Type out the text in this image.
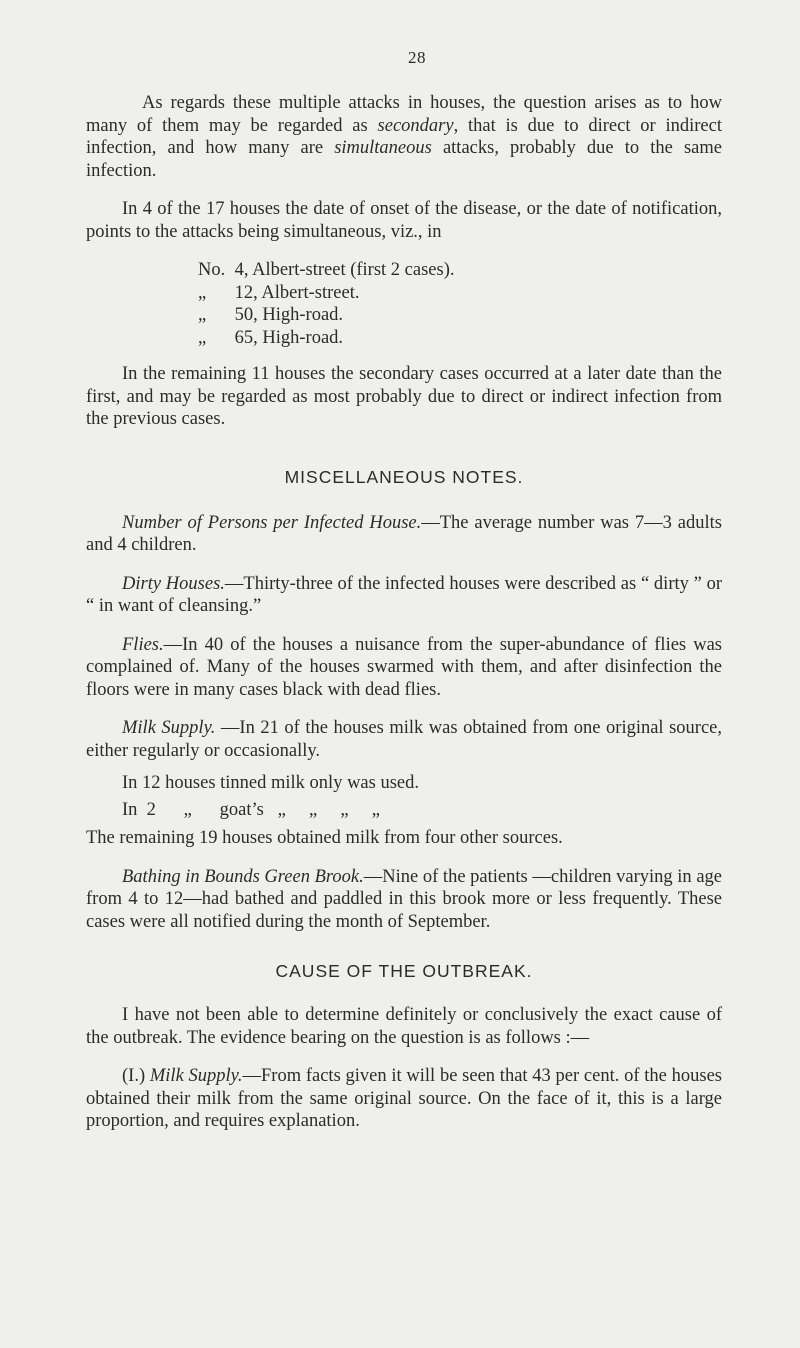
28

As regards these multiple attacks in houses, the question arises as to how many of them may be regarded as secondary, that is due to direct or indirect infection, and how many are simultaneous attacks, probably due to the same infection.

In 4 of the 17 houses the date of onset of the disease, or the date of notification, points to the attacks being simultaneous, viz., in

No. 4, Albert-street (first 2 cases).
„ 12, Albert-street.
„ 50, High-road.
„ 65, High-road.

In the remaining 11 houses the secondary cases occurred at a later date than the first, and may be regarded as most probably due to direct or indirect infection from the previous cases.

MISCELLANEOUS NOTES.

Number of Persons per Infected House.—The average number was 7—3 adults and 4 children.

Dirty Houses.—Thirty-three of the infected houses were described as “ dirty ” or “ in want of cleansing.”

Flies.—In 40 of the houses a nuisance from the super-abundance of flies was complained of. Many of the houses swarmed with them, and after disinfection the floors were in many cases black with dead flies.

Milk Supply. —In 21 of the houses milk was obtained from one original source, either regularly or occasionally.

In 12 houses tinned milk only was used.
In  2      „      goat’s   „     „     „     „

The remaining 19 houses obtained milk from four other sources.

Bathing in Bounds Green Brook.—Nine of the patients —children varying in age from 4 to 12—had bathed and paddled in this brook more or less frequently. These cases were all notified during the month of September.

CAUSE OF THE OUTBREAK.

I have not been able to determine definitely or conclusively the exact cause of the outbreak. The evidence bearing on the question is as follows :—

(I.) Milk Supply.—From facts given it will be seen that 43 per cent. of the houses obtained their milk from the same original source. On the face of it, this is a large proportion, and requires explanation.
